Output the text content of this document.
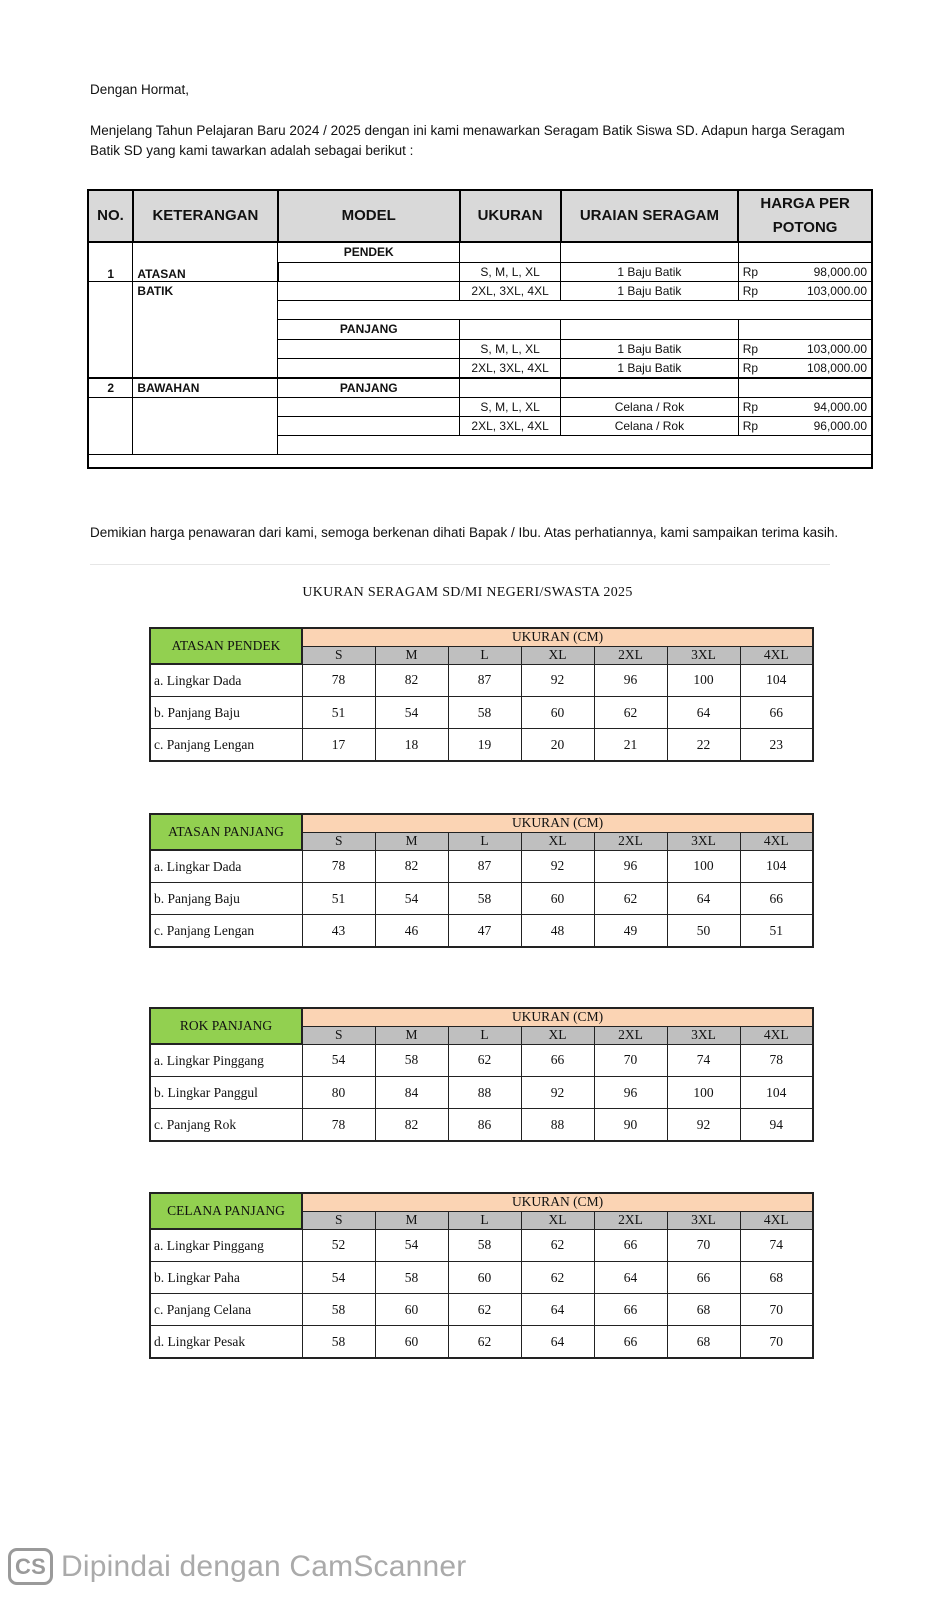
Dengan Hormat,

Menjelang Tahun Pelajaran Baru 2024 / 2025 dengan ini kami menawarkan Seragam Batik Siswa SD. Adapun harga Seragam Batik SD yang kami tawarkan adalah sebagai berikut :

NO.	KETERANGAN	MODEL	UKURAN	URAIAN SERAGAM	HARGA PER POTONG	
1	ATASAN	PENDEK				
			S, M, L, XL	1 Baju Batik	Rp	98,000.00
	BATIK		2XL, 3XL, 4XL	1 Baju Batik	Rp	103,000.00

		PANJANG				
			S, M, L, XL	1 Baju Batik	Rp	103,000.00
			2XL, 3XL, 4XL	1 Baju Batik	Rp	108,000.00
2	BAWAHAN	PANJANG				
			S, M, L, XL	Celana / Rok	Rp	94,000.00
			2XL, 3XL, 4XL	Celana / Rok	Rp	96,000.00

Demikian harga penawaran dari kami, semoga berkenan dihati Bapak / Ibu. Atas perhatiannya, kami sampaikan terima kasih.

UKURAN SERAGAM SD/MI NEGERI/SWASTA 2025

ATASAN PENDEK	UKURAN (CM)						
	S	M	L	XL	2XL	3XL	4XL
a. Lingkar Dada	78	82	87	92	96	100	104
b. Panjang Baju	51	54	58	60	62	64	66
c. Panjang Lengan	17	18	19	20	21	22	23
ATASAN PANJANG	UKURAN (CM)						
	S	M	L	XL	2XL	3XL	4XL
a. Lingkar Dada	78	82	87	92	96	100	104
b. Panjang Baju	51	54	58	60	62	64	66
c. Panjang Lengan	43	46	47	48	49	50	51
ROK PANJANG	UKURAN (CM)						
	S	M	L	XL	2XL	3XL	4XL
a. Lingkar Pinggang	54	58	62	66	70	74	78
b. Lingkar Panggul	80	84	88	92	96	100	104
c. Panjang Rok	78	82	86	88	90	92	94
CELANA PANJANG	UKURAN (CM)						
	S	M	L	XL	2XL	3XL	4XL
a. Lingkar Pinggang	52	54	58	62	66	70	74
b. Lingkar Paha	54	58	60	62	64	66	68
c. Panjang Celana	58	60	62	64	66	68	70
d. Lingkar Pesak	58	60	62	64	66	68	70
CS Dipindai dengan CamScanner
